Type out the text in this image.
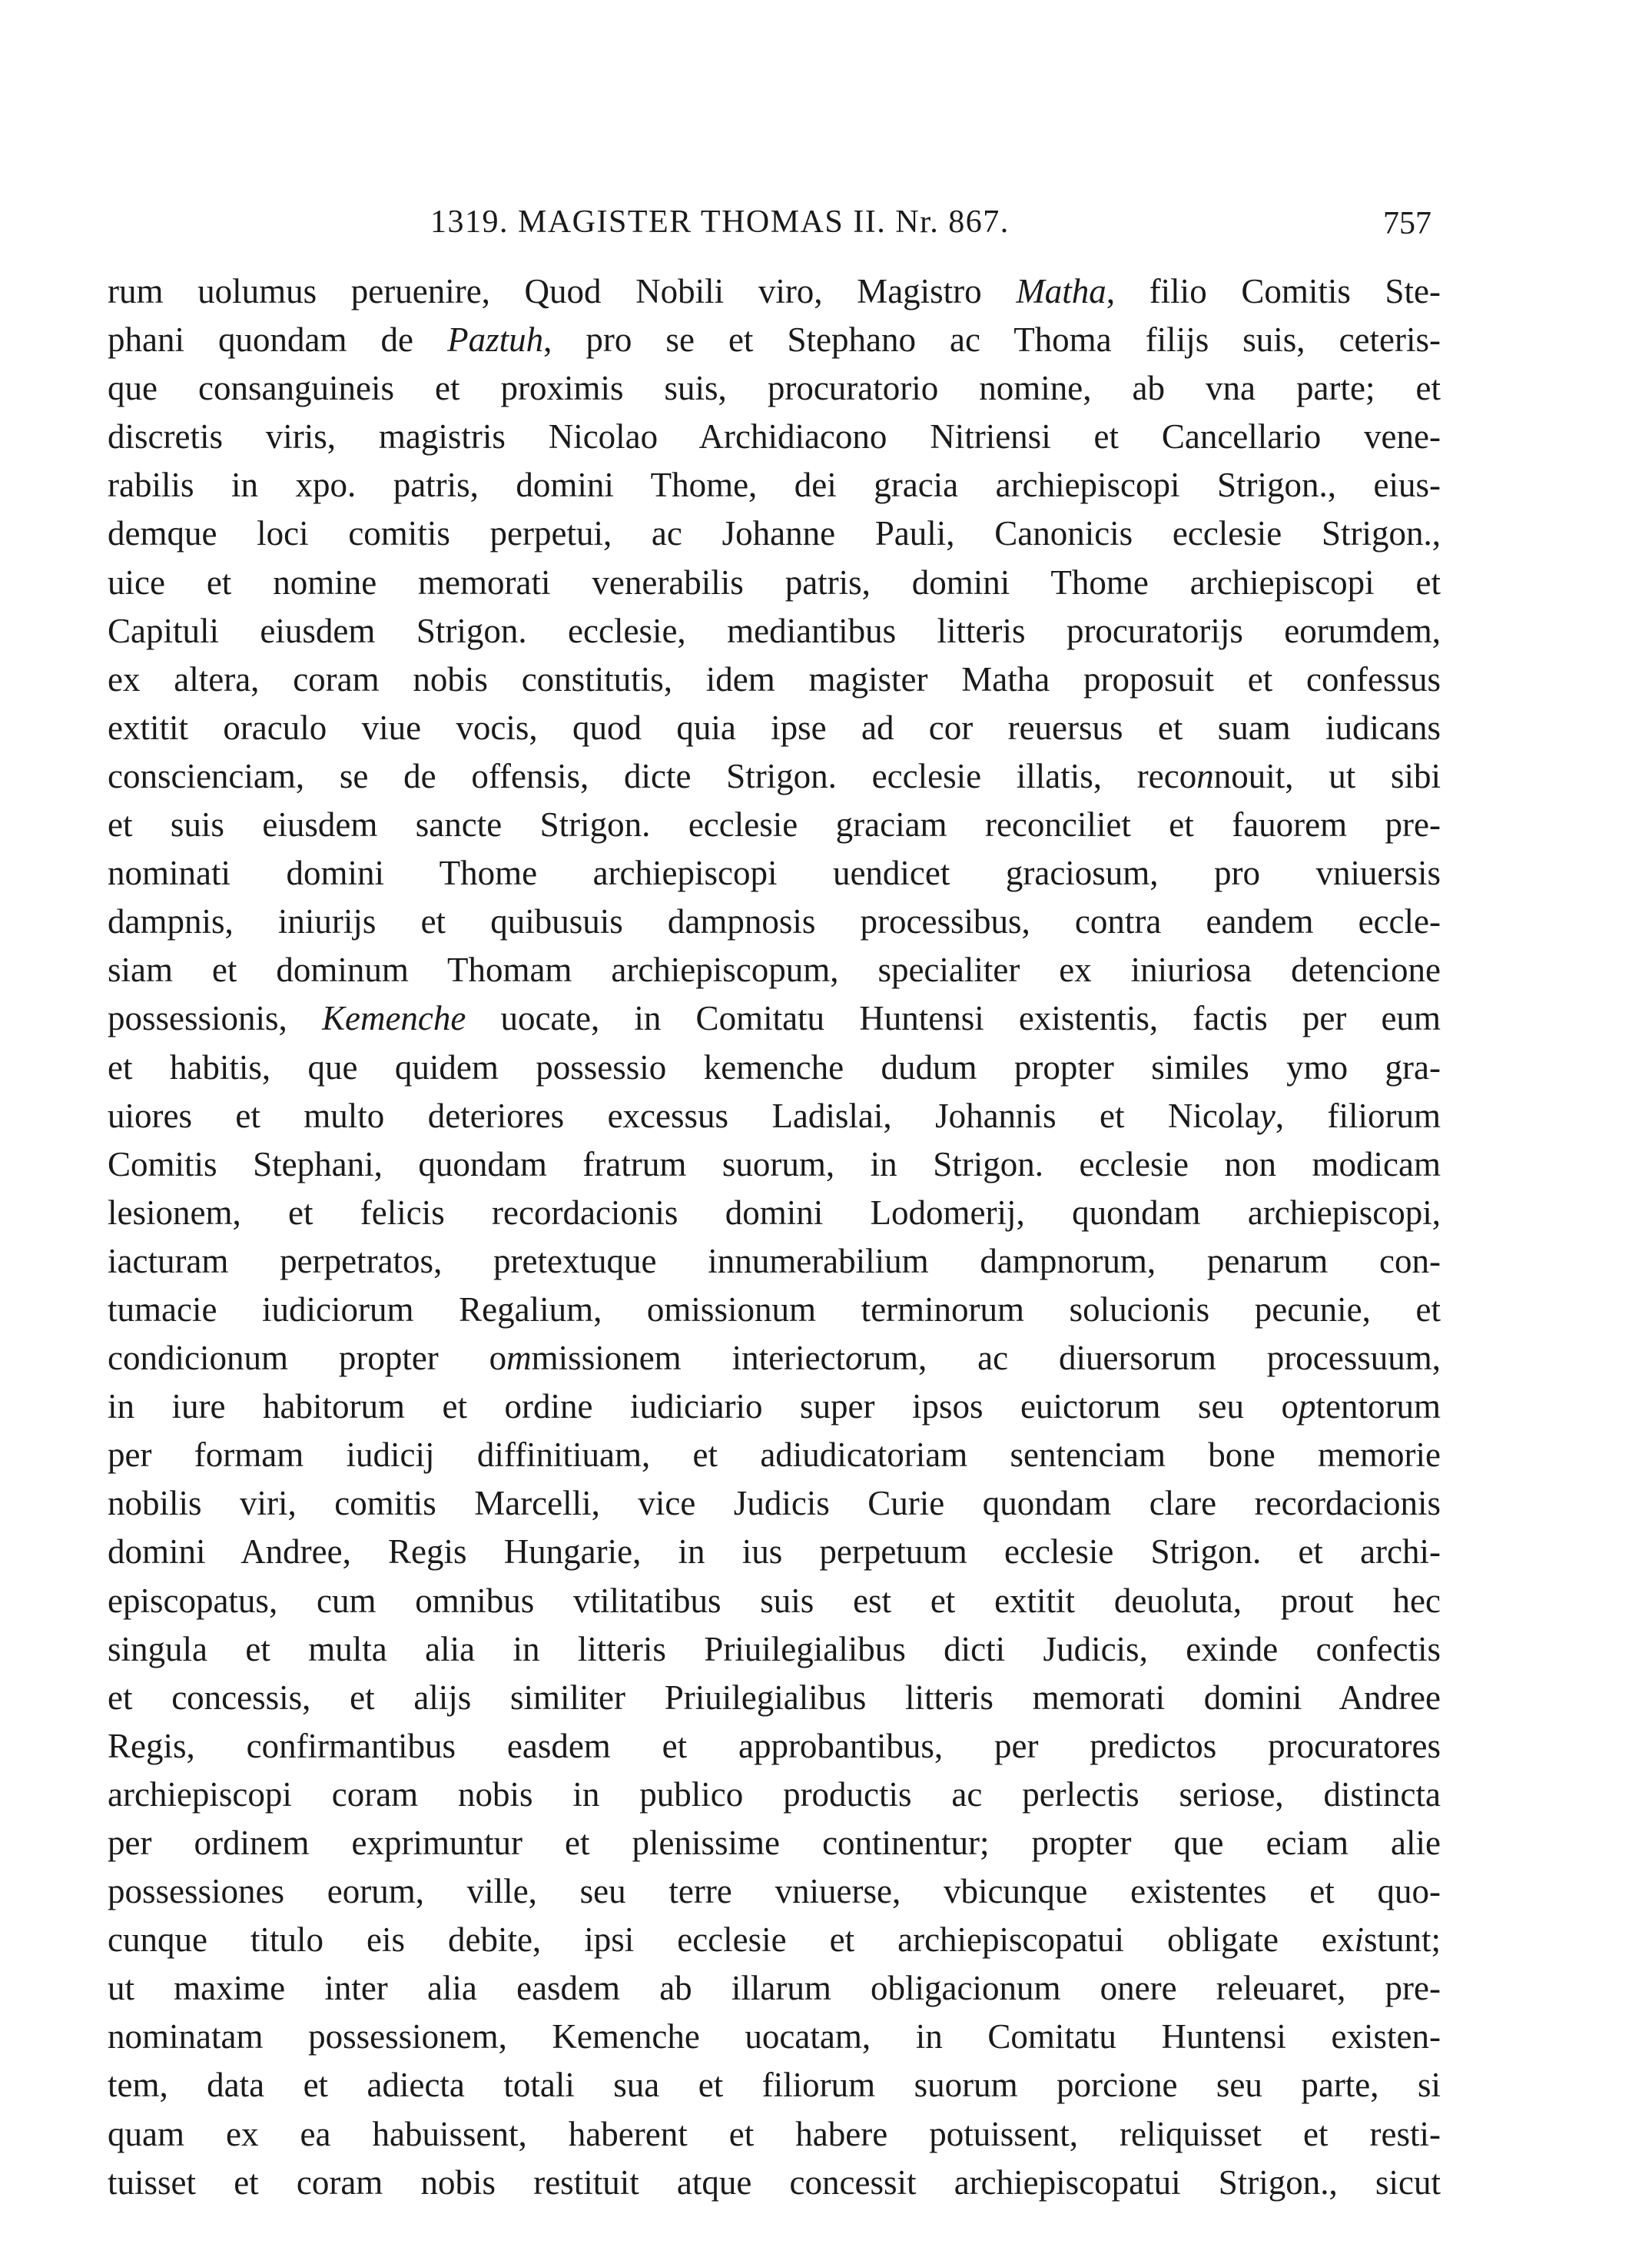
1319. MAGISTER THOMAS II. Nr. 867.	757
rum uolumus peruenire, Quod Nobili viro, Magistro Matha, filio Comitis Ste-
phani quondam de Paztuh, pro se et Stephano ac Thoma filijs suis, ceteris-
que consanguineis et proximis suis, procuratorio nomine, ab vna parte; et
discretis viris, magistris Nicolao Archidiacono Nitriensi et Cancellario vene-
rabilis in xpo. patris, domini Thome, dei gracia archiepiscopi Strigon., eius-
demque loci comitis perpetui, ac Johanne Pauli, Canonicis ecclesie Strigon.,
uice et nomine memorati venerabilis patris, domini Thome archiepiscopi et
Capituli eiusdem Strigon. ecclesie, mediantibus litteris procuratorijs eorumdem,
ex altera, coram nobis constitutis, idem magister Matha proposuit et confessus
extitit oraculo viue vocis, quod quia ipse ad cor reuersus et suam iudicans
conscienciam, se de offensis, dicte Strigon. ecclesie illatis, reconnouit, ut sibi
et suis eiusdem sancte Strigon. ecclesie graciam reconciliet et fauorem pre-
nominati domini Thome archiepiscopi uendicet graciosum, pro vniuersis
dampnis, iniurijs et quibusuis dampnosis processibus, contra eandem eccle-
siam et dominum Thomam archiepiscopum, specialiter ex iniuriosa detencione
possessionis, Kemenche uocate, in Comitatu Huntensi existentis, factis per eum
et habitis, que quidem possessio kemenche dudum propter similes ymo gra-
uiores et multo deteriores excessus Ladislai, Johannis et Nicolay, filiorum
Comitis Stephani, quondam fratrum suorum, in Strigon. ecclesie non modicam
lesionem, et felicis recordacionis domini Lodomerij, quondam archiepiscopi,
iacturam perpetratos, pretextuque innumerabilium dampnorum, penarum con-
tumacie iudiciorum Regalium, omissionum terminorum solucionis pecunie, et
condicionum propter ommissionem interiectorum, ac diuersorum processuum,
in iure habitorum et ordine iudiciario super ipsos euictorum seu optentorum
per formam iudicij diffinitiuam, et adiudicatoriam sentenciam bone memorie
nobilis viri, comitis Marcelli, vice Judicis Curie quondam clare recordacionis
domini Andree, Regis Hungarie, in ius perpetuum ecclesie Strigon. et archi-
episcopatus, cum omnibus vtilitatibus suis est et extitit deuoluta, prout hec
singula et multa alia in litteris Priuilegialibus dicti Judicis, exinde confectis
et concessis, et alijs similiter Priuilegialibus litteris memorati domini Andree
Regis, confirmantibus easdem et approbantibus, per predictos procuratores
archiepiscopi coram nobis in publico productis ac perlectis seriose, distincta
per ordinem exprimuntur et plenissime continentur; propter que eciam alie
possessiones eorum, ville, seu terre vniuerse, vbicunque existentes et quo-
cunque titulo eis debite, ipsi ecclesie et archiepiscopatui obligate existunt;
ut maxime inter alia easdem ab illarum obligacionum onere releuaret, pre-
nominatam possessionem, Kemenche uocatam, in Comitatu Huntensi existen-
tem, data et adiecta totali sua et filiorum suorum porcione seu parte, si
quam ex ea habuissent, haberent et habere potuissent, reliquisset et resti-
tuisset et coram nobis restituit atque concessit archiepiscopatui Strigon., sicut
